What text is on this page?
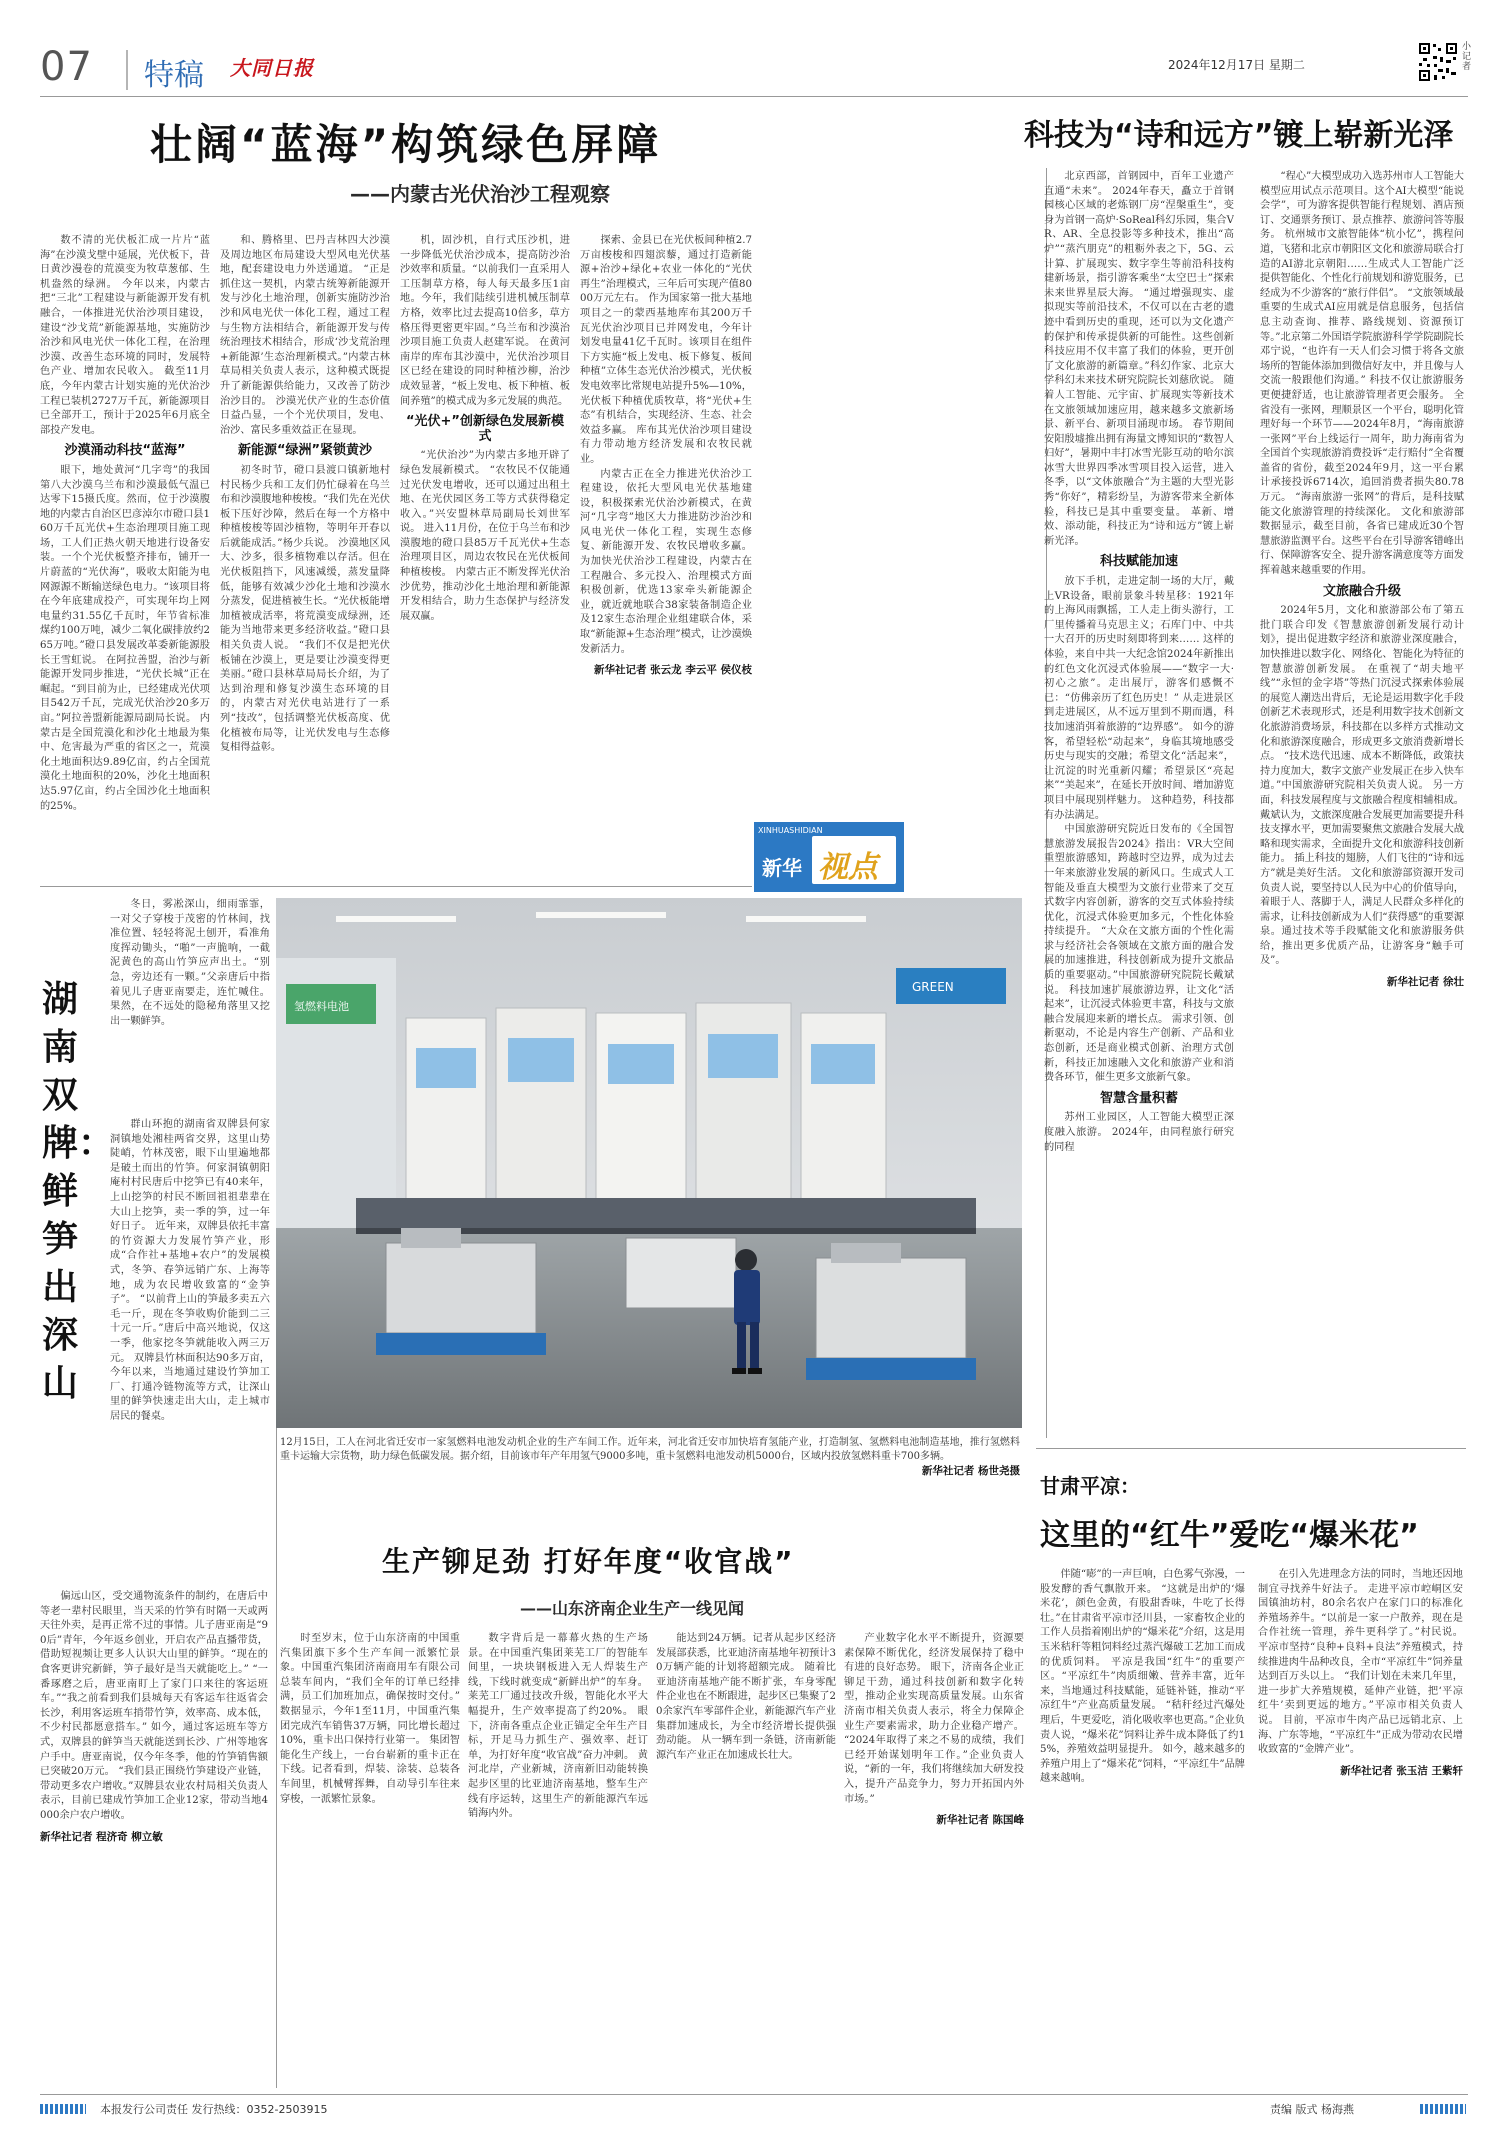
07 特稿 大同日报	2024年12月17日 星期二
小记者
壮阔“蓝海”构筑绿色屏障
——内蒙古光伏治沙工程观察

数不清的光伏板汇成一片片“蓝海”在沙漠戈壁中延展，光伏板下，昔日黄沙漫卷的荒漠变为牧草葱郁、生机盎然的绿洲。 今年以来，内蒙古把“三北”工程建设与新能源开发有机融合，一体推进光伏治沙项目建设，建设“沙戈荒”新能源基地，实施防沙治沙和风电光伏一体化工程，在治理沙漠、改善生态环境的同时，发展特色产业、增加农民收入。 截至11月底，今年内蒙古计划实施的光伏治沙工程已装机2727万千瓦，新能源项目已全部开工，预计于2025年6月底全部投产发电。

沙漠涌动科技“蓝海”

眼下，地处黄河“几字弯”的我国第八大沙漠乌兰布和沙漠最低气温已达零下15摄氏度。然而，位于沙漠腹地的内蒙古自治区巴彦淖尔市磴口县160万千瓦光伏+生态治理项目施工现场，工人们正热火朝天地进行设备安装。一个个光伏板整齐排布，铺开一片蔚蓝的“光伏海”，吸收太阳能为电网源源不断输送绿色电力。“该项目将在今年底建成投产，可实现年均上网电量约31.55亿千瓦时，年节省标准煤约100万吨，减少二氧化碳排放约265万吨。”磴口县发展改革委新能源股长王雪虹说。 在阿拉善盟，治沙与新能源开发同步推进，“光伏长城”正在崛起。“到目前为止，已经建成光伏项目542万千瓦，完成光伏治沙20多万亩。”阿拉善盟新能源局副局长说。 内蒙古是全国荒漠化和沙化土地最为集中、危害最为严重的省区之一，荒漠化土地面积达9.89亿亩，约占全国荒漠化土地面积的20%，沙化土地面积达5.97亿亩，约占全国沙化土地面积的25%。

和、腾格里、巴丹吉林四大沙漠及周边地区布局建设大型风电光伏基地，配套建设电力外送通道。 “正是抓住这一契机，内蒙古统筹新能源开发与沙化土地治理，创新实施防沙治沙和风电光伏一体化工程，通过工程与生物方法相结合，新能源开发与传统治理技术相结合，形成‘沙戈荒治理+新能源’生态治理新模式。”内蒙古林草局相关负责人表示，这种模式既提升了新能源供给能力，又改善了防沙治沙目的。 沙漠光伏产业的生态价值日益凸显，一个个光伏项目，发电、治沙、富民多重效益正在显现。

新能源“绿洲”紧锁黄沙

初冬时节，磴口县渡口镇新地村村民杨少兵和工友们仍忙碌着在乌兰布和沙漠腹地种梭梭。“我们先在光伏板下压好沙障，然后在每一个方格中种植梭梭等固沙植物，等明年开春以后就能成活。”杨少兵说。 沙漠地区风大、沙多，很多植物难以存活。但在光伏板阻挡下，风速减缓，蒸发量降低，能够有效减少沙化土地和沙漠水分蒸发，促进植被生长。“光伏板能增加植被成活率，将荒漠变成绿洲，还能为当地带来更多经济收益。”磴口县相关负责人说。 “我们不仅是把光伏板铺在沙漠上，更是要让沙漠变得更美丽。”磴口县林草局局长介绍，为了达到治理和修复沙漠生态环境的目的，内蒙古对光伏电站进行了一系列“技改”，包括调整光伏板高度、优化植被布局等，让光伏发电与生态修复相得益彰。

机，固沙机，自行式压沙机，进一步降低光伏治沙成本，提高防沙治沙效率和质量。“以前我们一直采用人工压制草方格，每人每天最多压1亩地。今年，我们陆续引进机械压制草方格，效率比过去提高10倍多，草方格压得更密更牢固。”乌兰布和沙漠治沙项目施工负责人赵建军说。 在黄河南岸的库布其沙漠中，光伏治沙项目区已经在建设的同时种植沙柳，治沙成效显著，“板上发电、板下种植、板间养殖”的模式成为多元发展的典范。

“光伏+”创新绿色发展新模式

“光伏治沙”为内蒙古多地开辟了绿色发展新模式。 “农牧民不仅能通过光伏发电增收，还可以通过出租土地、在光伏园区务工等方式获得稳定收入。”兴安盟林草局副局长刘世军说。 进入11月份，在位于乌兰布和沙漠腹地的磴口县85万千瓦光伏+生态治理项目区，周边农牧民在光伏板间种植梭梭。 内蒙古正不断发挥光伏治沙优势，推动沙化土地治理和新能源开发相结合，助力生态保护与经济发展双赢。

探索、金县已在光伏板间种植2.7万亩梭梭和四翅滨藜，通过打造新能源+治沙+绿化+农业一体化的“光伏再生”治理模式，三年后可实现产值8000万元左右。 作为国家第一批大基地项目之一的蒙西基地库布其200万千瓦光伏治沙项目已并网发电，今年计划发电量41亿千瓦时。该项目在组件下方实施“板上发电、板下修复、板间种植”立体生态光伏治沙模式，光伏板发电效率比常规电站提升5%—10%，光伏板下种植优质牧草，将“光伏+生态”有机结合，实现经济、生态、社会效益多赢。 库布其光伏治沙项目建设有力带动地方经济发展和农牧民就业。

内蒙古正在全力推进光伏治沙工程建设，依托大型风电光伏基地建设，积极探索光伏治沙新模式，在黄河“几字弯”地区大力推进防沙治沙和风电光伏一体化工程，实现生态修复、新能源开发、农牧民增收多赢。 为加快光伏治沙工程建设，内蒙古在工程融合、多元投入、治理模式方面积极创新，优选13家牵头新能源企业，就近就地联合38家装备制造企业及12家生态治理企业组建联合体，采取“新能源+生态治理”模式，让沙漠焕发新活力。

新华社记者 张云龙 李云平 侯仪枝
XINHUASHIDIAN
新华 视点
科技为“诗和远方”镀上崭新光泽

北京西部，首钢园中，百年工业遗产直通“未来”。 2024年春天，矗立于首钢园核心区域的老炼钢厂房“涅槃重生”，变身为首钢一高炉·SoReal科幻乐园，集合VR、AR、全息投影等多种技术，推出“高炉”“蒸汽朋克”的粗粝外表之下，5G、云计算、扩展现实、数字孪生等前沿科技构建新场景，指引游客乘坐“太空巴士”探索未来世界星辰大海。 “通过增强现实、虚拟现实等前沿技术，不仅可以在古老的遗迹中看到历史的重现，还可以为文化遗产的保护和传承提供新的可能性。这些创新科技应用不仅丰富了我们的体验，更开创了文化旅游的新篇章。”科幻作家、北京大学科幻未来技术研究院院长刘慈欣说。 随着人工智能、元宇宙、扩展现实等新技术在文旅领域加速应用，越来越多文旅新场景、新平台、新项目涌现市场。 春节期间安阳殷墟推出拥有海量文博知识的“数智人妇好”，暑期中丰打冰雪光影互动的哈尔滨冰雪大世界四季冰雪项目投入运营，进入冬季，以“文体旅融合”为主题的大型光影秀“你好”，精彩纷呈，为游客带来全新体验，科技已是其中重要变量。 革新、增效、添动能，科技正为“诗和远方”镀上崭新光泽。

科技赋能加速

放下手机，走进定制一场的大厅，戴上VR设备，眼前景象斗转星移：1921年的上海风雨飘摇，工人走上街头游行，工厂里传播着马克思主义；石库门中、中共一大召开的历史时刻即将到来…… 这样的体验，来自中共一大纪念馆2024年新推出的红色文化沉浸式体验展——“数字一大·初心之旅”。走出展厅，游客们感慨不已：“仿佛亲历了红色历史！” 从走进景区到走进展区，从不远万里到不期而遇，科技加速消弭着旅游的“边界感”。 如今的游客，希望轻松“动起来”，身临其境地感受历史与现实的交融；希望文化“活起来”，让沉淀的时光重新闪耀；希望景区“亮起来”“美起来”，在延长开放时间、增加游览项目中展现别样魅力。 这种趋势，科技都有办法满足。

中国旅游研究院近日发布的《全国智慧旅游发展报告2024》指出：VR大空间重塑旅游感知，跨越时空边界，成为过去一年来旅游业发展的新风口。生成式人工智能及垂直大模型为文旅行业带来了交互式数字内容创新，游客的交互式体验持续优化，沉浸式体验更加多元，个性化体验持续提升。 “大众在文旅方面的个性化需求与经济社会各领域在文旅方面的融合发展的加速推进，科技创新成为提升文旅品质的重要驱动。”中国旅游研究院院长戴斌说。 科技加速扩展旅游边界，让文化“活起来”，让沉浸式体验更丰富，科技与文旅融合发展迎来新的增长点。 需求引领、创新驱动，不论是内容生产创新、产品和业态创新，还是商业模式创新、治理方式创新，科技正加速融入文化和旅游产业和消费各环节，催生更多文旅新气象。

智慧含量积蓄

苏州工业园区，人工智能大模型正深度融入旅游。 2024年，由同程旅行研究的同程

“程心”大模型成功入选苏州市人工智能大模型应用试点示范项目。这个AI大模型“能说会学”，可为游客提供智能行程规划、酒店预订、交通票务预订、景点推荐、旅游问答等服务。 杭州城市文旅智能体“杭小忆”，携程问道，飞猪和北京市朝阳区文化和旅游局联合打造的AI游北京朝阳……生成式人工智能广泛提供智能化、个性化行前规划和游览服务，已经成为不少游客的“旅行伴侣”。 “文旅领域最重要的生成式AI应用就是信息服务，包括信息主动查询、推荐、路线规划、资源预订等。”北京第二外国语学院旅游科学学院副院长邓宁说，“也许有一天人们会习惯于将各文旅场所的智能体添加到微信好友中，并且像与人交流一般跟他们沟通。” 科技不仅让旅游服务更便捷舒适，也让旅游管理者更会服务。 全省没有一张网，理顺景区一个平台，聪明化管理好每一个环节——2024年8月，“海南旅游一张网”平台上线运行一周年，助力海南省为全国首个实现旅游消费投诉“走行赔付”全省覆盖省的省份，截至2024年9月，这一平台累计承接投诉6714次，追回消费者损失80.78万元。 “海南旅游一张网”的背后，是科技赋能文化旅游管理的持续深化。 文化和旅游部数据显示，截至目前，各省已建成近30个智慧旅游监测平台。这些平台在引导游客错峰出行、保障游客安全、提升游客满意度等方面发挥着越来越重要的作用。

文旅融合升级

2024年5月，文化和旅游部公布了第五批门联合印发《智慧旅游创新发展行动计划》，提出促进数字经济和旅游业深度融合，加快推进以数字化、网络化、智能化为特征的智慧旅游创新发展。 在重视了“胡夫地平线”“永恒的金字塔”等热门沉浸式探索体验展的展览人潮迭出背后，无论是运用数字化手段创新艺术表现形式，还是利用数字技术创新文化旅游消费场景，科技都在以多样方式推动文化和旅游深度融合，形成更多文旅消费新增长点。 “技术迭代迅速、成本不断降低，政策扶持力度加大，数字文旅产业发展正在步入快车道。”中国旅游研究院相关负责人说。 另一方面，科技发展程度与文旅融合程度相辅相成。戴斌认为，文旅深度融合发展更加需要提升科技支撑水平，更加需要聚焦文旅融合发展大战略和现实需求，全面提升文化和旅游科技创新能力。 插上科技的翅膀，人们飞往的“诗和远方”就是美好生活。 文化和旅游部资源开发司负责人说，要坚持以人民为中心的价值导向，着眼于人、落脚于人，满足人民群众多样化的需求，让科技创新成为人们“获得感”的重要源泉。通过技术等手段赋能文化和旅游服务供给，推出更多优质产品，让游客身“触手可及”。

新华社记者 徐壮
湖南双牌：鲜笋出深山

冬日，雾凇深山，细雨霏霏，一对父子穿梭于茂密的竹林间，找准位置、轻轻将泥土刨开，看准角度挥动锄头，“啪”一声脆响，一截泥黄色的高山竹笋应声出土。“别急，旁边还有一颗。”父亲唐后中指着见儿子唐亚南要走，连忙喊住。果然，在不远处的隐秘角落里又挖出一颗鲜笋。

群山环抱的湖南省双牌县何家洞镇地处湘桂两省交界，这里山势陡峭，竹林茂密，眼下山里遍地都是破土而出的竹笋。何家洞镇朝阳庵村村民唐后中挖笋已有40来年，上山挖笋的村民不断回祖祖辈辈在大山上挖笋，卖一季的笋，过一年好日子。 近年来，双牌县依托丰富的竹资源大力发展竹笋产业，形成“合作社+基地+农户”的发展模式，冬笋、春笋远销广东、上海等地，成为农民增收致富的“金笋子”。 “以前背上山的笋最多卖五六毛一斤，现在冬笋收购价能到二三十元一斤。”唐后中高兴地说，仅这一季，他家挖冬笋就能收入两三万元。 双牌县竹林面积达90多万亩，今年以来，当地通过建设竹笋加工厂、打通冷链物流等方式，让深山里的鲜笋快速走出大山，走上城市居民的餐桌。

偏远山区，受交通物流条件的制约，在唐后中等老一辈村民眼里，当天采的竹笋有时隔一天或两天往外卖，是再正常不过的事情。儿子唐亚南是“90后”青年，今年返乡创业，开启农产品直播带货，借助短视频让更多人认识大山里的鲜笋。“现在的食客更讲究新鲜，笋子最好是当天就能吃上。” “一番琢磨之后，唐亚南盯上了家门口来往的客运班车。”“我之前看到我们县城每天有客运车往返省会长沙，利用客运班车捎带竹笋，效率高、成本低，不少村民都愿意搭车。” 如今，通过客运班车等方式，双牌县的鲜笋当天就能送到长沙、广州等地客户手中。唐亚南说，仅今年冬季，他的竹笋销售额已突破20万元。 “我们县正围绕竹笋建设产业链，带动更多农户增收。”双牌县农业农村局相关负责人表示，目前已建成竹笋加工企业12家，带动当地4000余户农户增收。

新华社记者 程济奇 柳立敏
氢燃料电池
GREEN
12月15日，工人在河北省迁安市一家氢燃料电池发动机企业的生产车间工作。近年来，河北省迁安市加快培育氢能产业，打造制氢、氢燃料电池制造基地，推行氢燃料重卡运输大宗货物，助力绿色低碳发展。据介绍，目前该市年产年用氢气9000多吨，重卡氢燃料电池发动机5000台，区域内投放氢燃料重卡700多辆。
新华社记者 杨世尧摄
生产铆足劲 打好年度“收官战”
——山东济南企业生产一线见闻

时至岁末，位于山东济南的中国重汽集团旗下多个生产车间一派繁忙景象。中国重汽集团济南商用车有限公司总装车间内，“我们全年的订单已经排满，员工们加班加点，确保按时交付。” 数据显示，今年1至11月，中国重汽集团完成汽车销售37万辆，同比增长超过10%，重卡出口保持行业第一。 集团智能化生产线上，一台台崭新的重卡正在下线。记者看到，焊装、涂装、总装各车间里，机械臂挥舞，自动导引车往来穿梭，一派繁忙景象。

数字背后是一幕幕火热的生产场景。在中国重汽集团莱芜工厂的智能车间里，一块块钢板进入无人焊装生产线，下线时就变成“新鲜出炉”的车身。莱芜工厂通过技改升级，智能化水平大幅提升，生产效率提高了约20%。 眼下，济南各重点企业正锚定全年生产目标，开足马力抓生产、强效率、赶订单，为打好年度“收官战”奋力冲刺。 黄河北岸，产业新城，济南新旧动能转换起步区里的比亚迪济南基地，整车生产线有序运转，这里生产的新能源汽车远销海内外。

能达到24万辆。记者从起步区经济发展部获悉，比亚迪济南基地年初预计30万辆产能的计划将超额完成。 随着比亚迪济南基地产能不断扩张，车身零配件企业也在不断跟进，起步区已集聚了20余家汽车零部件企业，新能源汽车产业集群加速成长，为全市经济增长提供强劲动能。 从一辆车到一条链，济南新能源汽车产业正在加速成长壮大。

产业数字化水平不断提升，资源要素保障不断优化，经济发展保持了稳中有进的良好态势。 眼下，济南各企业正铆足干劲，通过科技创新和数字化转型，推动企业实现高质量发展。山东省济南市相关负责人表示，将全力保障企业生产要素需求，助力企业稳产增产。 “2024年取得了来之不易的成绩，我们已经开始谋划明年工作。”企业负责人说，“新的一年，我们将继续加大研发投入，提升产品竞争力，努力开拓国内外市场。”

新华社记者 陈国峰
甘肃平凉：
这里的“红牛”爱吃“爆米花”

伴随“嘭”的一声巨响，白色雾气弥漫，一股发酵的香气飘散开来。 “这就是出炉的‘爆米花’，颜色金黄，有股甜香味，牛吃了长得壮。”在甘肃省平凉市泾川县，一家畜牧企业的工作人员指着刚出炉的“爆米花”介绍，这是用玉米秸秆等粗饲料经过蒸汽爆破工艺加工而成的优质饲料。 平凉是我国“红牛”的重要产区。“平凉红牛”肉质细嫩、营养丰富，近年来，当地通过科技赋能，延链补链，推动“平凉红牛”产业高质量发展。 “秸秆经过汽爆处理后，牛更爱吃，消化吸收率也更高。”企业负责人说，“爆米花”饲料让养牛成本降低了约15%，养殖效益明显提升。 如今，越来越多的养殖户用上了“爆米花”饲料，“平凉红牛”品牌越来越响。

在引入先进理念方法的同时，当地还因地制宜寻找养牛好法子。 走进平凉市崆峒区安国镇油坊村，80余名农户在家门口的标准化养殖场养牛。“以前是一家一户散养，现在是合作社统一管理，养牛更科学了。”村民说。 平凉市坚持“良种+良料+良法”养殖模式，持续推进肉牛品种改良，全市“平凉红牛”饲养量达到百万头以上。 “我们计划在未来几年里，进一步扩大养殖规模，延伸产业链，把‘平凉红牛’卖到更远的地方。”平凉市相关负责人说。 目前，平凉市牛肉产品已远销北京、上海、广东等地，“平凉红牛”正成为带动农民增收致富的“金牌产业”。

新华社记者 张玉洁 王紫轩
本报发行公司责任 发行热线：0352-2503915	责编 版式 杨海燕
